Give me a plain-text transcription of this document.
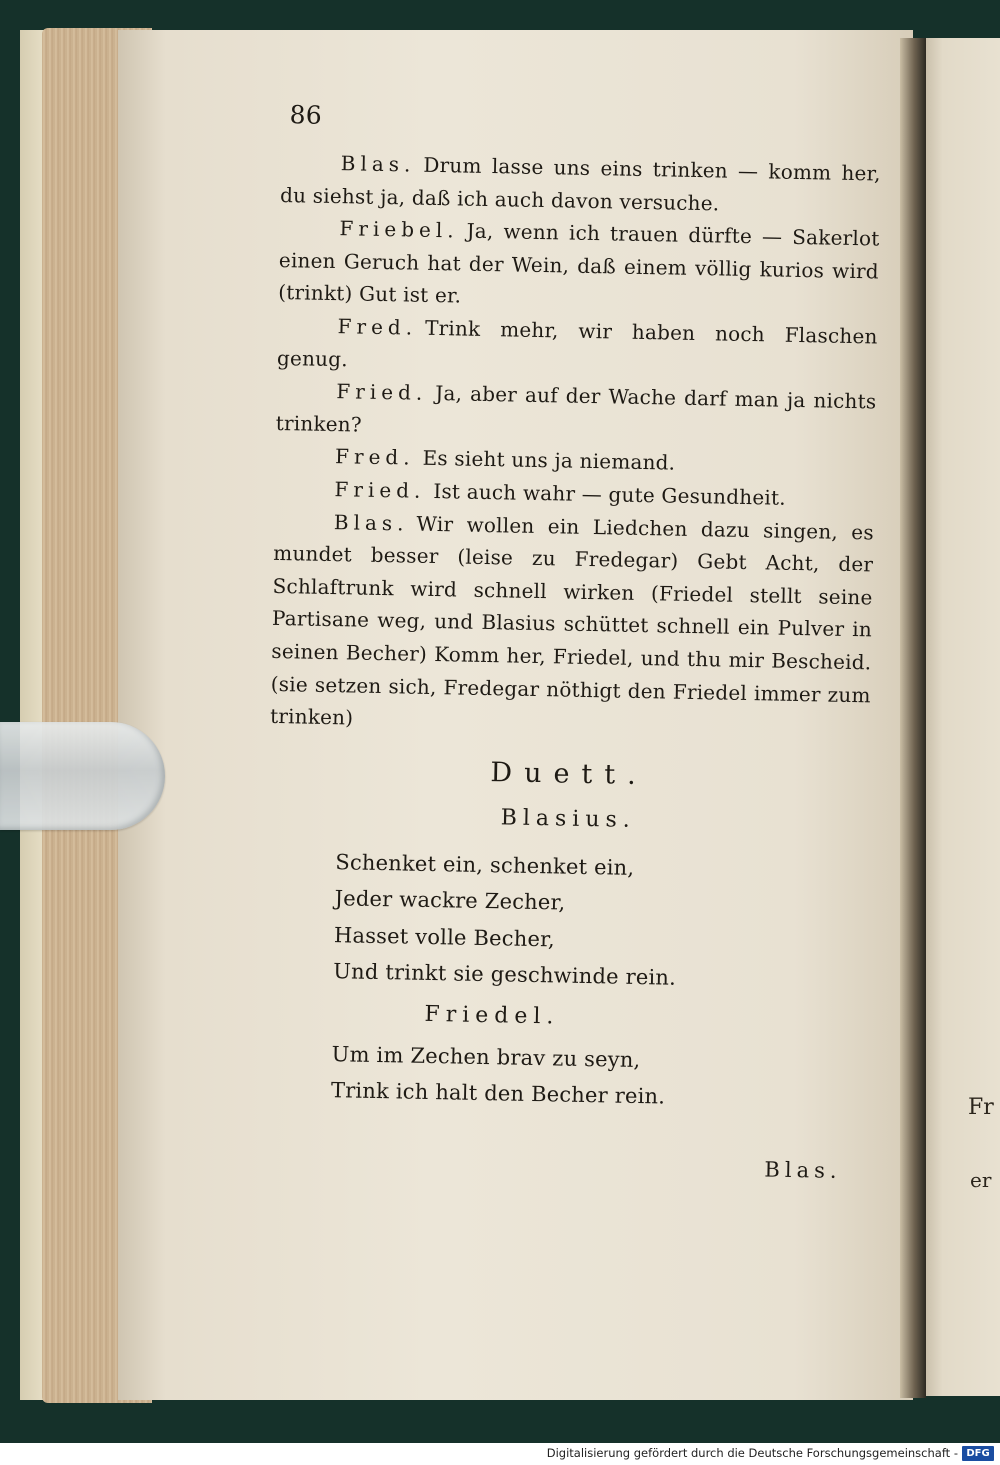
86

Blas. Drum lasse uns eins trinken — komm her, du siehst ja, daß ich auch davon versuche.

Friebel. Ja, wenn ich trauen dürfte — Sakerlot einen Geruch hat der Wein, daß einem völlig kurios wird (trinkt) Gut ist er.

Fred. Trink mehr, wir haben noch Flaschen genug.

Fried. Ja, aber auf der Wache darf man ja nichts trinken?

Fred. Es sieht uns ja niemand.

Fried. Ist auch wahr — gute Gesundheit.

Blas. Wir wollen ein Liedchen dazu singen, es mundet besser (leise zu Fredegar) Gebt Acht, der Schlaftrunk wird schnell wirken (Friedel stellt seine Partisane weg, und Blasius schüttet schnell ein Pulver in seinen Becher) Komm her, Friedel, und thu mir Bescheid. (sie setzen sich, Fredegar nöthigt den Friedel immer zum trinken)

Duett.

Blasius.

Schenket ein, schenket ein,

Jeder wackre Zecher,

Hasset volle Becher,

Und trinkt sie geschwinde rein.

Friedel.

Um im Zechen brav zu seyn,

Trink ich halt den Becher rein.

Blas.

Fr
er
Digitalisierung gefördert durch die Deutsche Forschungsgemeinschaft - DFG
